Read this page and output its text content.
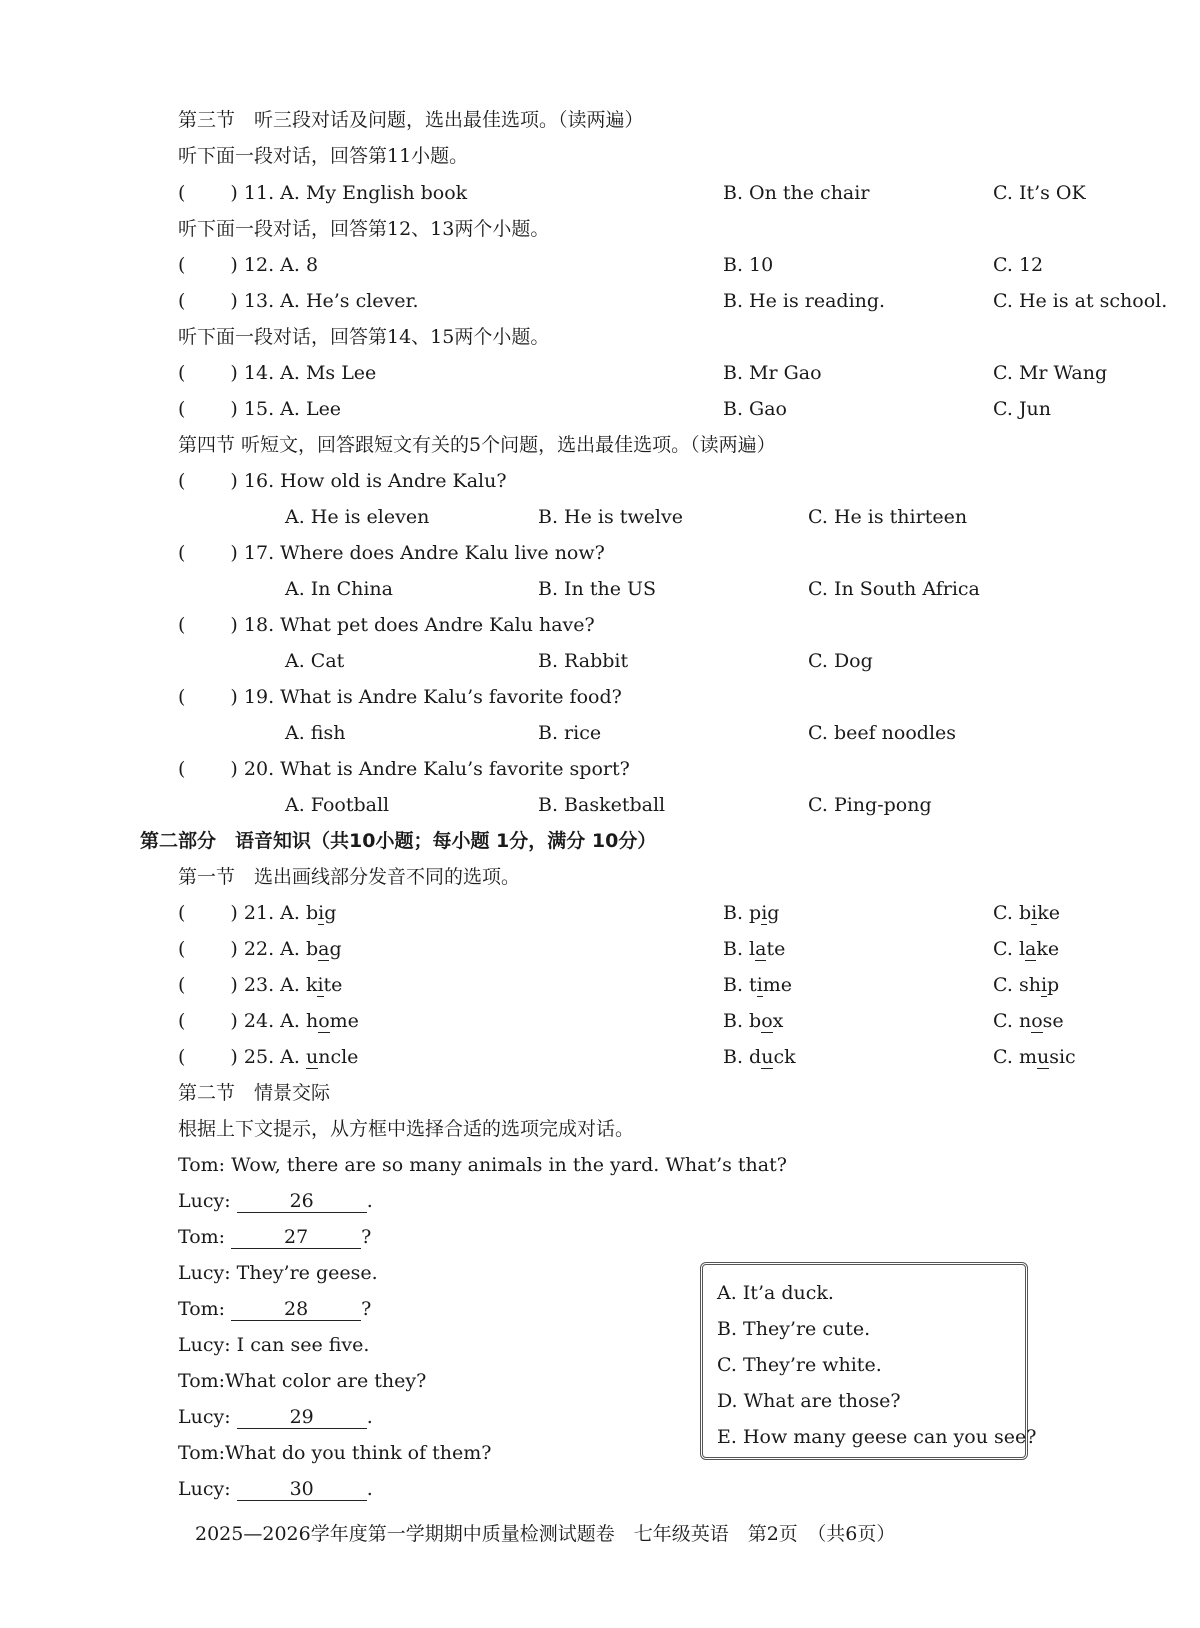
第三节　听三段对话及问题，选出最佳选项。（读两遍）
听下面一段对话，回答第11小题。
( ) 11. A. My English book	B. On the chair	C. It’s OK
听下面一段对话，回答第12、13两个小题。
( ) 12. A. 8	B. 10	C. 12
( ) 13. A. He’s clever.	B. He is reading.	C. He is at school.
听下面一段对话，回答第14、15两个小题。
( ) 14. A. Ms Lee	B. Mr Gao	C. Mr Wang
( ) 15. A. Lee	B. Gao	C. Jun
第四节 听短文，回答跟短文有关的5个问题，选出最佳选项。（读两遍）
( ) 16. How old is Andre Kalu?
A. He is eleven	B. He is twelve	C. He is thirteen
( ) 17. Where does Andre Kalu live now?
A. In China	B. In the US	C. In South Africa
( ) 18. What pet does Andre Kalu have?
A. Cat	B. Rabbit	C. Dog
( ) 19. What is Andre Kalu’s favorite food?
A. fish	B. rice	C. beef noodles
( ) 20. What is Andre Kalu’s favorite sport?
A. Football	B. Basketball	C. Ping-pong
第二部分　语音知识（共10小题；每小题 1分，满分 10分）
第一节　选出画线部分发音不同的选项。
( ) 21. A. big	B. pig	C. bike
( ) 22. A. bag	B. late	C. lake
( ) 23. A. kite	B. time	C. ship
( ) 24. A. home	B. box	C. nose
( ) 25. A. uncle	B. duck	C. music
第二节　情景交际
根据上下文提示，从方框中选择合适的选项完成对话。
Tom: Wow, there are so many animals in the yard. What’s that?
Lucy:	26	.
Tom:	27	?
Lucy: They’re geese.
Tom:	28	?
Lucy: I can see five.
Tom:What color are they?
Lucy:	29	.
Tom:What do you think of them?
Lucy:	30	.
A. It’a duck.
B. They’re cute.
C. They’re white.
D. What are those?
E. How many geese can you see?
2025—2026学年度第一学期期中质量检测试题卷　七年级英语　第2页　（共6页）
